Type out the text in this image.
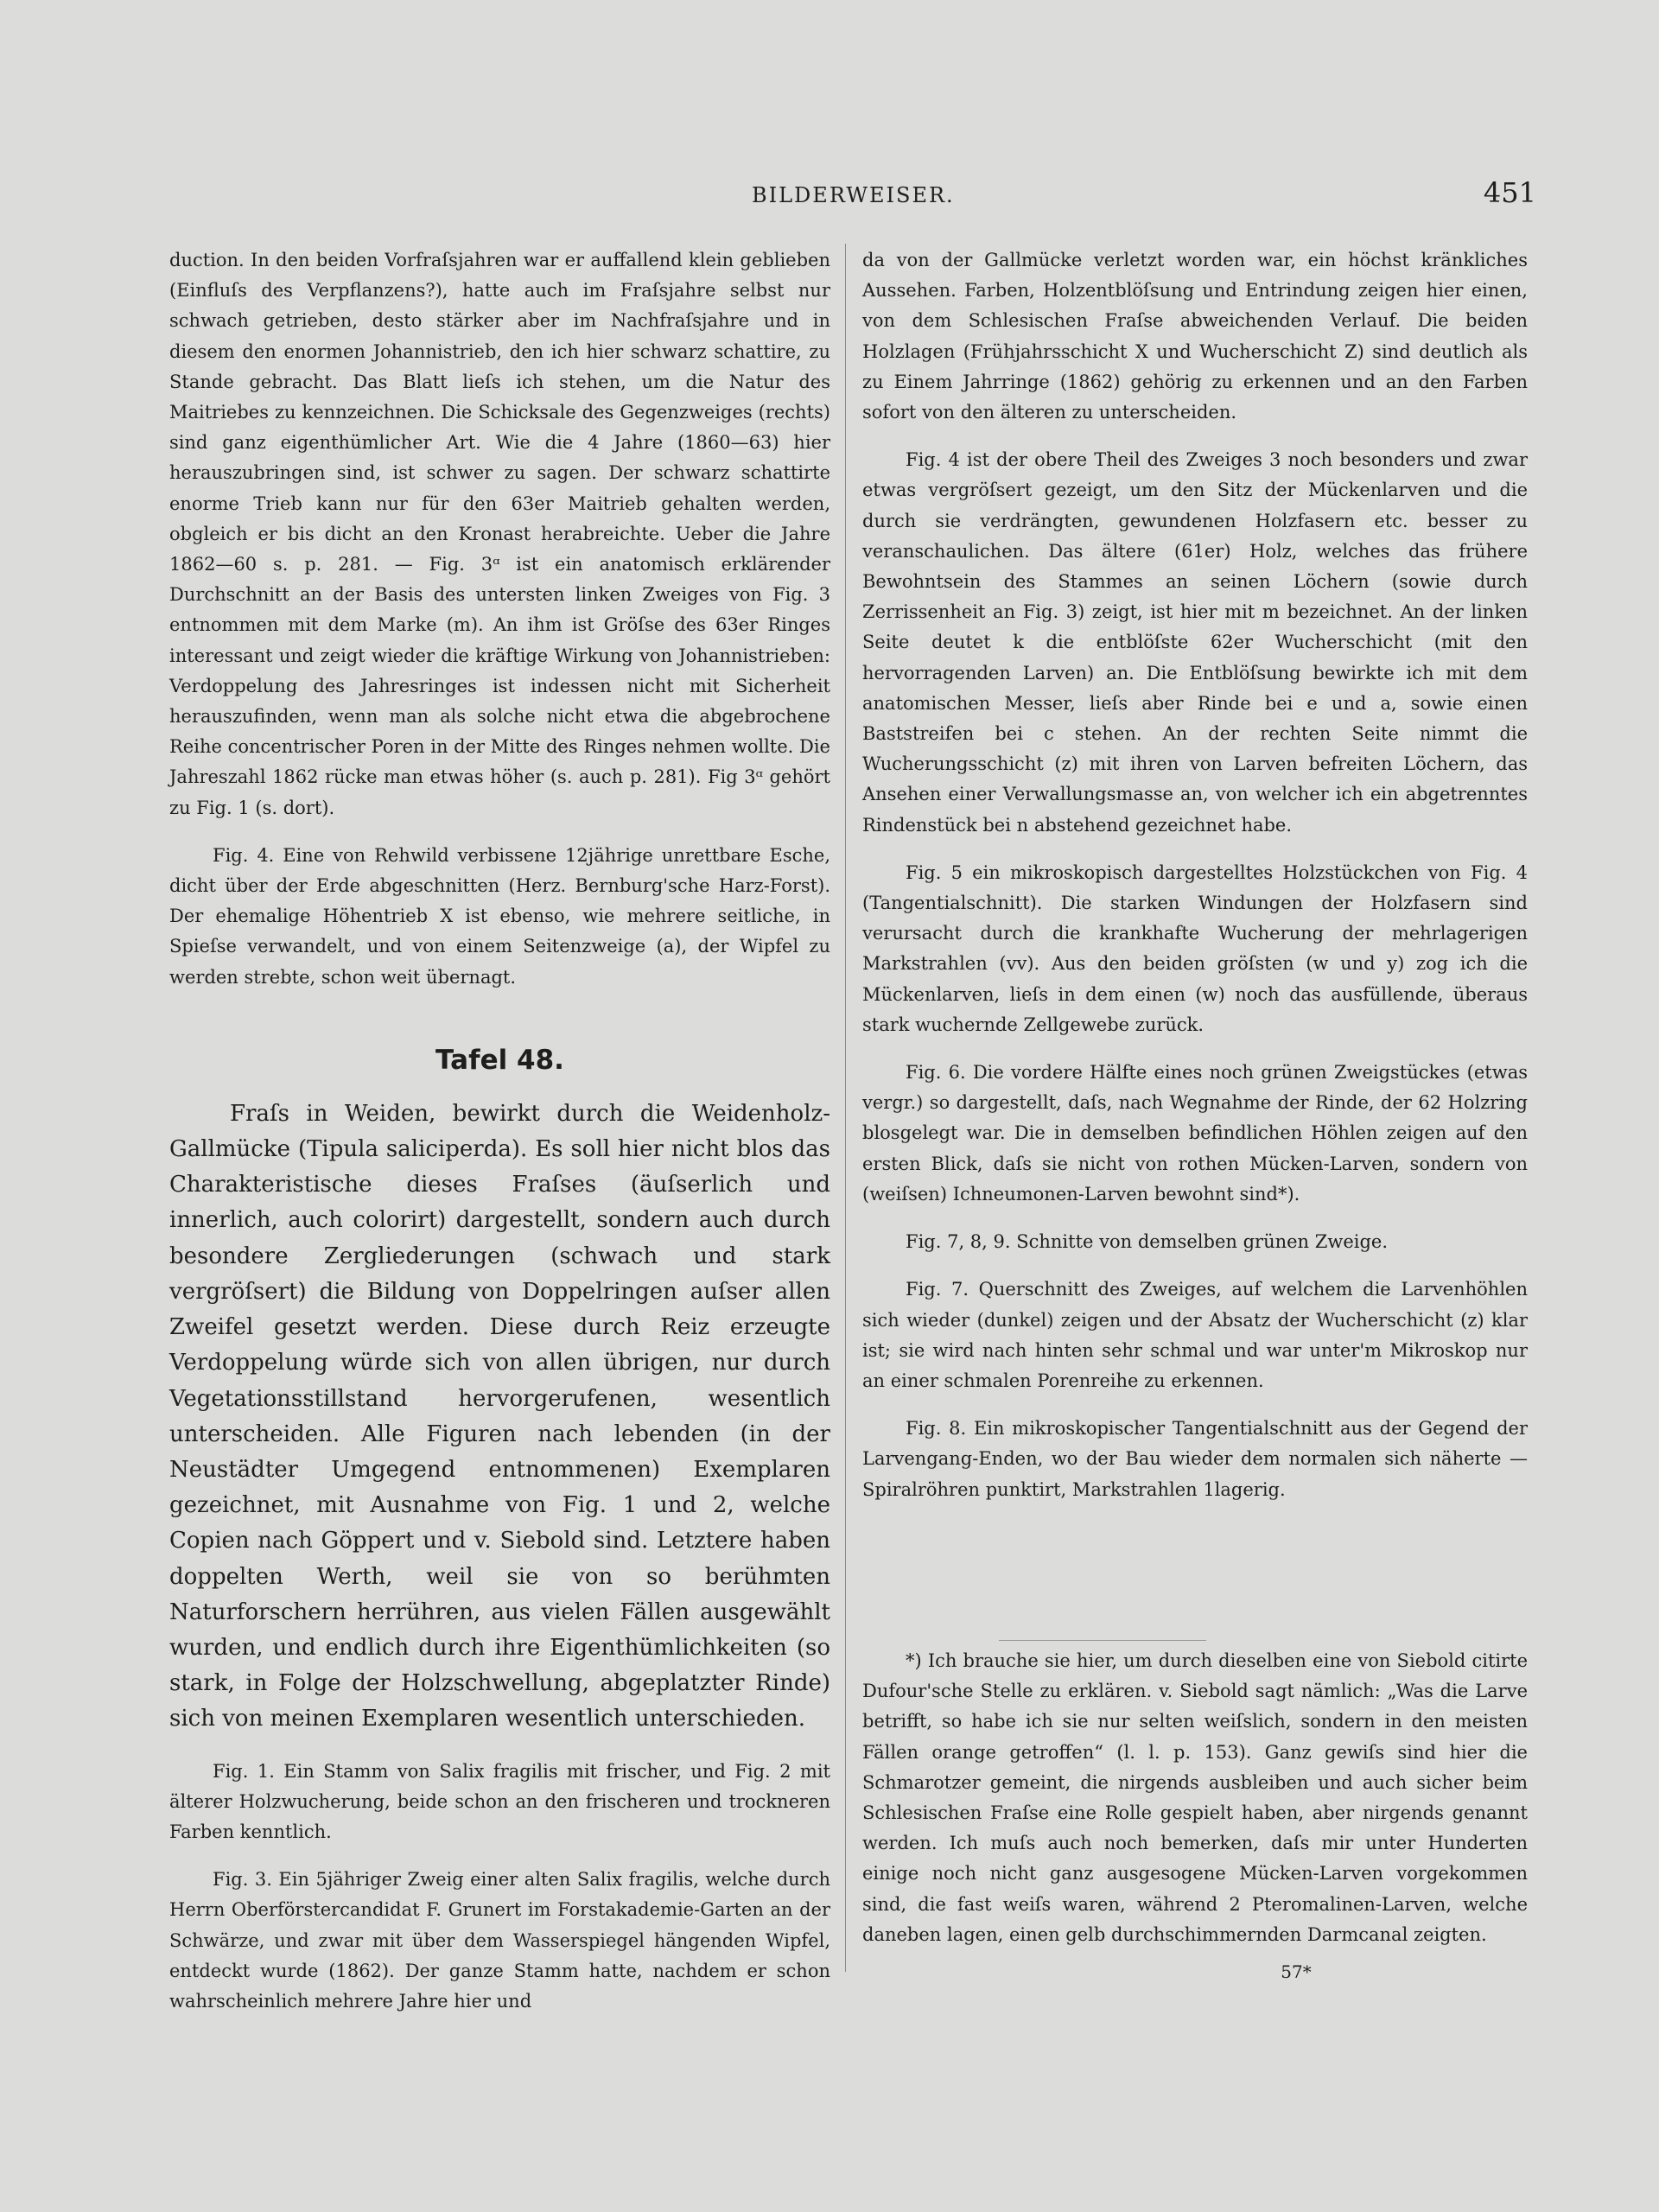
BILDERWEISER.	451

duction. In den beiden Vorfraſsjahren war er auffallend klein geblieben (Einfluſs des Verpflanzens?), hatte auch im Fraſsjahre selbst nur schwach getrieben, desto stärker aber im Nachfraſsjahre und in diesem den enormen Johannistrieb, den ich hier schwarz schattire, zu Stande gebracht. Das Blatt lieſs ich stehen, um die Natur des Maitriebes zu kennzeichnen. Die Schicksale des Gegenzweiges (rechts) sind ganz eigenthümlicher Art. Wie die 4 Jahre (1860—63) hier herauszubringen sind, ist schwer zu sagen. Der schwarz schattirte enorme Trieb kann nur für den 63er Maitrieb gehalten werden, obgleich er bis dicht an den Kronast herabreichte. Ueber die Jahre 1862—60 s. p. 281. — Fig. 3ᵅ ist ein anatomisch erklärender Durchschnitt an der Basis des untersten linken Zweiges von Fig. 3 entnommen mit dem Marke (m). An ihm ist Gröſse des 63er Ringes interessant und zeigt wieder die kräftige Wirkung von Johannistrieben: Verdoppelung des Jahresringes ist indessen nicht mit Sicherheit herauszufinden, wenn man als solche nicht etwa die abgebrochene Reihe concentrischer Poren in der Mitte des Ringes nehmen wollte. Die Jahreszahl 1862 rücke man etwas höher (s. auch p. 281). Fig 3ᵅ gehört zu Fig. 1 (s. dort).

Fig. 4. Eine von Rehwild verbissene 12jährige unrettbare Esche, dicht über der Erde abgeschnitten (Herz. Bernburg'sche Harz-Forst). Der ehemalige Höhentrieb X ist ebenso, wie mehrere seitliche, in Spieſse verwandelt, und von einem Seitenzweige (a), der Wipfel zu werden strebte, schon weit übernagt.

Tafel 48.

Fraſs in Weiden, bewirkt durch die Weidenholz-Gallmücke (Tipula saliciperda). Es soll hier nicht blos das Charakteristische dieses Fraſses (äuſserlich und innerlich, auch colorirt) dargestellt, sondern auch durch besondere Zergliederungen (schwach und stark vergröſsert) die Bildung von Doppelringen auſser allen Zweifel gesetzt werden. Diese durch Reiz erzeugte Verdoppelung würde sich von allen übrigen, nur durch Vegetationsstillstand hervorgerufenen, wesentlich unterscheiden. Alle Figuren nach lebenden (in der Neustädter Umgegend entnommenen) Exemplaren gezeichnet, mit Ausnahme von Fig. 1 und 2, welche Copien nach Göppert und v. Siebold sind. Letztere haben doppelten Werth, weil sie von so berühmten Naturforschern herrühren, aus vielen Fällen ausgewählt wurden, und endlich durch ihre Eigenthümlichkeiten (so stark, in Folge der Holzschwellung, abgeplatzter Rinde) sich von meinen Exemplaren wesentlich unterschieden.

Fig. 1. Ein Stamm von Salix fragilis mit frischer, und Fig. 2 mit älterer Holzwucherung, beide schon an den frischeren und trockneren Farben kenntlich.

Fig. 3. Ein 5jähriger Zweig einer alten Salix fragilis, welche durch Herrn Oberförstercandidat F. Grunert im Forstakademie-Garten an der Schwärze, und zwar mit über dem Wasserspiegel hängenden Wipfel, entdeckt wurde (1862). Der ganze Stamm hatte, nachdem er schon wahrscheinlich mehrere Jahre hier und

da von der Gallmücke verletzt worden war, ein höchst kränkliches Aussehen. Farben, Holzentblöſsung und Entrindung zeigen hier einen, von dem Schlesischen Fraſse abweichenden Verlauf. Die beiden Holzlagen (Frühjahrsschicht X und Wucherschicht Z) sind deutlich als zu Einem Jahrringe (1862) gehörig zu erkennen und an den Farben sofort von den älteren zu unterscheiden.

Fig. 4 ist der obere Theil des Zweiges 3 noch besonders und zwar etwas vergröſsert gezeigt, um den Sitz der Mückenlarven und die durch sie verdrängten, gewundenen Holzfasern etc. besser zu veranschaulichen. Das ältere (61er) Holz, welches das frühere Bewohntsein des Stammes an seinen Löchern (sowie durch Zerrissenheit an Fig. 3) zeigt, ist hier mit m bezeichnet. An der linken Seite deutet k die entblöſste 62er Wucherschicht (mit den hervorragenden Larven) an. Die Entblöſsung bewirkte ich mit dem anatomischen Messer, lieſs aber Rinde bei e und a, sowie einen Baststreifen bei c stehen. An der rechten Seite nimmt die Wucherungsschicht (z) mit ihren von Larven befreiten Löchern, das Ansehen einer Verwallungsmasse an, von welcher ich ein abgetrenntes Rindenstück bei n abstehend gezeichnet habe.

Fig. 5 ein mikroskopisch dargestelltes Holzstückchen von Fig. 4 (Tangentialschnitt). Die starken Windungen der Holzfasern sind verursacht durch die krankhafte Wucherung der mehrlagerigen Markstrahlen (vv). Aus den beiden gröſsten (w und y) zog ich die Mückenlarven, lieſs in dem einen (w) noch das ausfüllende, überaus stark wuchernde Zellgewebe zurück.

Fig. 6. Die vordere Hälfte eines noch grünen Zweigstückes (etwas vergr.) so dargestellt, daſs, nach Wegnahme der Rinde, der 62 Holzring blosgelegt war. Die in demselben befindlichen Höhlen zeigen auf den ersten Blick, daſs sie nicht von rothen Mücken-Larven, sondern von (weiſsen) Ichneumonen-Larven bewohnt sind*).

Fig. 7, 8, 9. Schnitte von demselben grünen Zweige.

Fig. 7. Querschnitt des Zweiges, auf welchem die Larvenhöhlen sich wieder (dunkel) zeigen und der Absatz der Wucherschicht (z) klar ist; sie wird nach hinten sehr schmal und war unter'm Mikroskop nur an einer schmalen Porenreihe zu erkennen.

Fig. 8. Ein mikroskopischer Tangentialschnitt aus der Gegend der Larvengang-Enden, wo der Bau wieder dem normalen sich näherte — Spiralröhren punktirt, Markstrahlen 1lagerig.

*) Ich brauche sie hier, um durch dieselben eine von Siebold citirte Dufour'sche Stelle zu erklären. v. Siebold sagt nämlich: „Was die Larve betrifft, so habe ich sie nur selten weiſslich, sondern in den meisten Fällen orange getroffen“ (l. l. p. 153). Ganz gewiſs sind hier die Schmarotzer gemeint, die nirgends ausbleiben und auch sicher beim Schlesischen Fraſse eine Rolle gespielt haben, aber nirgends genannt werden. Ich muſs auch noch bemerken, daſs mir unter Hunderten einige noch nicht ganz ausgesogene Mücken-Larven vorgekommen sind, die fast weiſs waren, während 2 Pteromalinen-Larven, welche daneben lagen, einen gelb durchschimmernden Darmcanal zeigten.

57*
